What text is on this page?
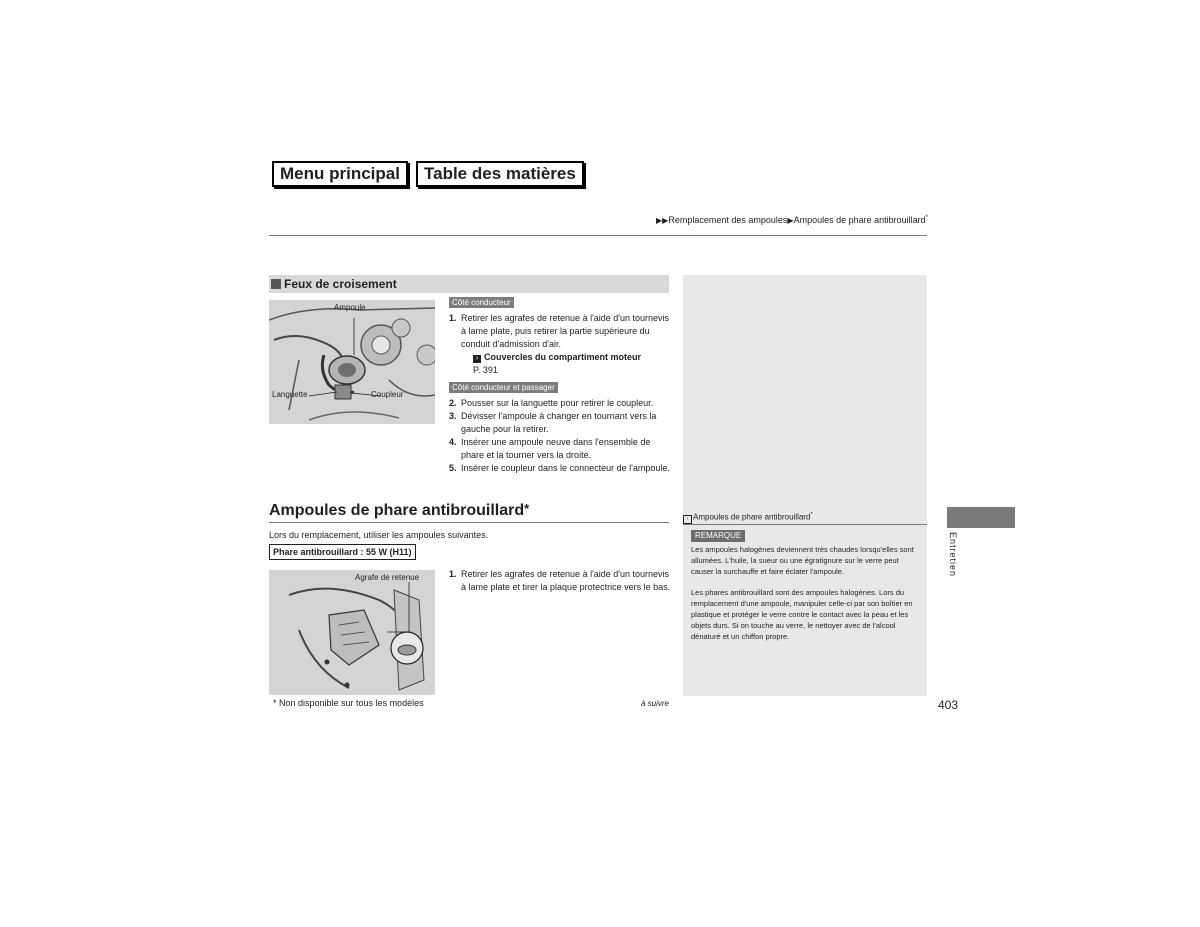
Menu principal	Table des matières
▶▶Remplacement des ampoules▶Ampoules de phare antibrouillard*
Feux de croisement
Ampoule
Languette	Coupleur
Côté conducteur
1. Retirer les agrafes de retenue à l'aide d'un tournevis à lame plate, puis retirer la partie supérieure du conduit d'admission d'air.
› Couvercles du compartiment moteur
P. 391
Côté conducteur et passager
2. Pousser sur la languette pour retirer le coupleur.
3. Dévisser l'ampoule à changer en tournant vers la gauche pour la retirer.
4. Insérer une ampoule neuve dans l'ensemble de phare et la tourner vers la droite.
5. Insérer le coupleur dans le connecteur de l'ampoule.
Ampoules de phare antibrouillard*
Lors du remplacement, utiliser les ampoules suivantes.
Phare antibrouillard : 55 W (H11)
Agrafe de retenue	1. Retirer les agrafes de retenue à l'aide d'un tournevis à lame plate et tirer la plaque protectrice vers le bas.
› Ampoules de phare antibrouillard*
REMARQUE
Les ampoules halogènes deviennent très chaudes lorsqu'elles sont allumées. L'huile, la sueur ou une égratignure sur le verre peut causer la surchauffe et faire éclater l'ampoule.
Les phares antibrouillard sont des ampoules halogènes. Lors du remplacement d'une ampoule, manipuler celle-ci par son boîtier en plastique et protéger le verre contre le contact avec la peau et les objets durs. Si on touche au verre, le nettoyer avec de l'alcool dénaturé et un chiffon propre.
Entretien
* Non disponible sur tous les modèles	à suivre	403
